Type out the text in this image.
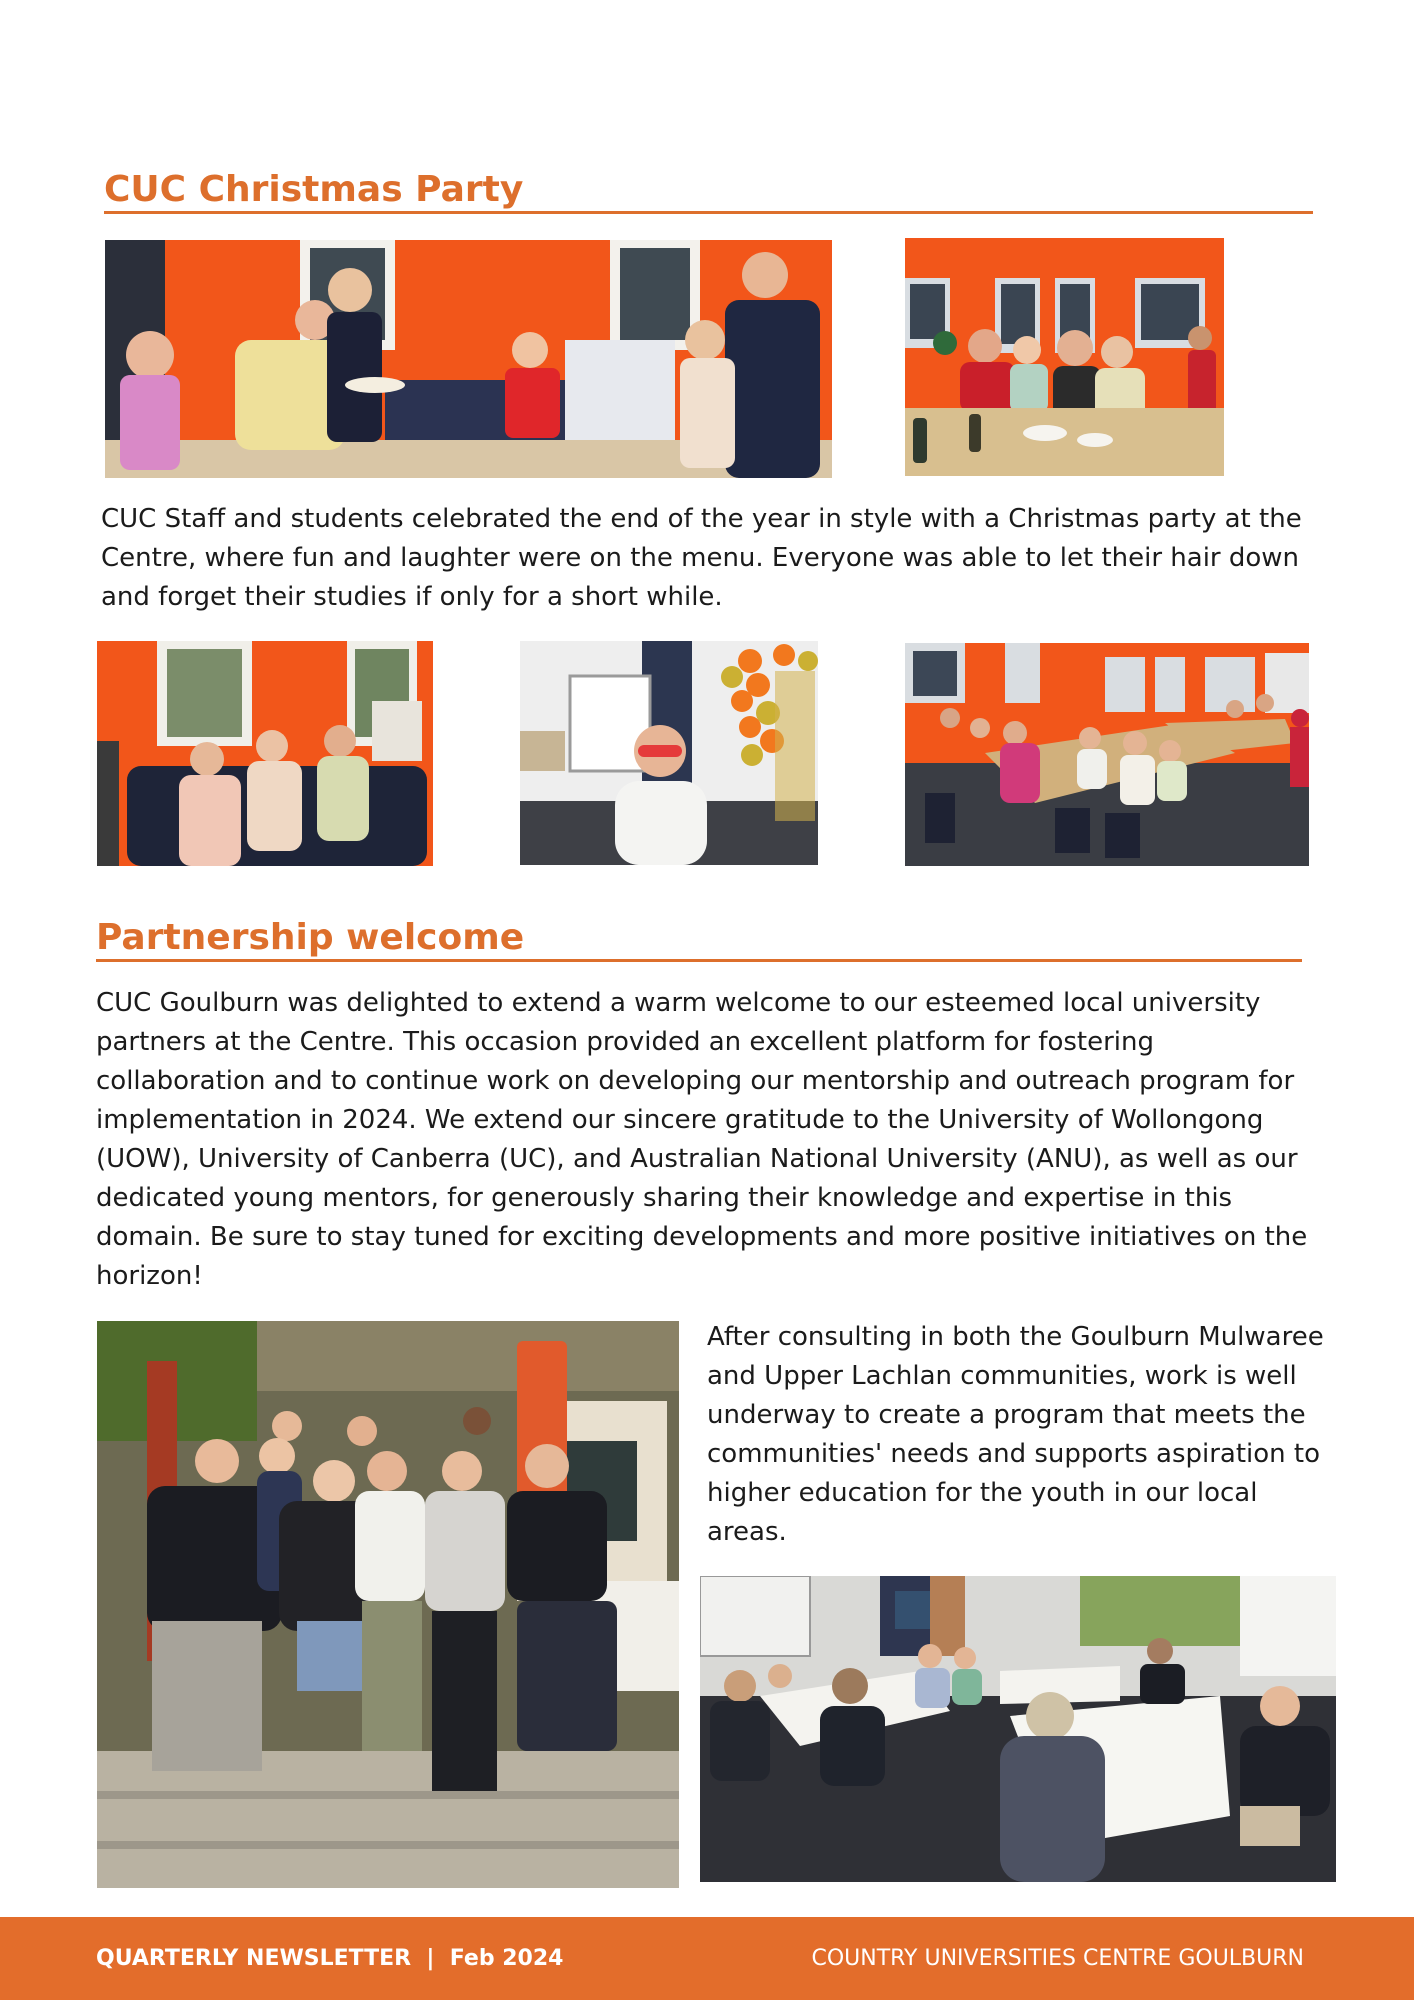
CUC Christmas Party

CUC Staff and students celebrated the end of the year in style with a Christmas party at the Centre, where fun and laughter were on the menu. Everyone was able to let their hair down and forget their studies if only for a short while.

Partnership welcome

CUC Goulburn was delighted to extend a warm welcome to our esteemed local university partners at the Centre. This occasion provided an excellent platform for fostering collaboration and to continue work on developing our mentorship and outreach program for implementation in 2024. We extend our sincere gratitude to the University of Wollongong (UOW), University of Canberra (UC), and Australian National University (ANU), as well as our dedicated young mentors, for generously sharing their knowledge and expertise in this domain. Be sure to stay tuned for exciting developments and more positive initiatives on the horizon!

After consulting in both the Goulburn Mulwaree and Upper Lachlan communities, work is well underway to create a program that meets the communities' needs and supports aspiration to higher education for the youth in our local areas.

QUARTERLY NEWSLETTER  |  Feb 2024	COUNTRY UNIVERSITIES CENTRE GOULBURN
